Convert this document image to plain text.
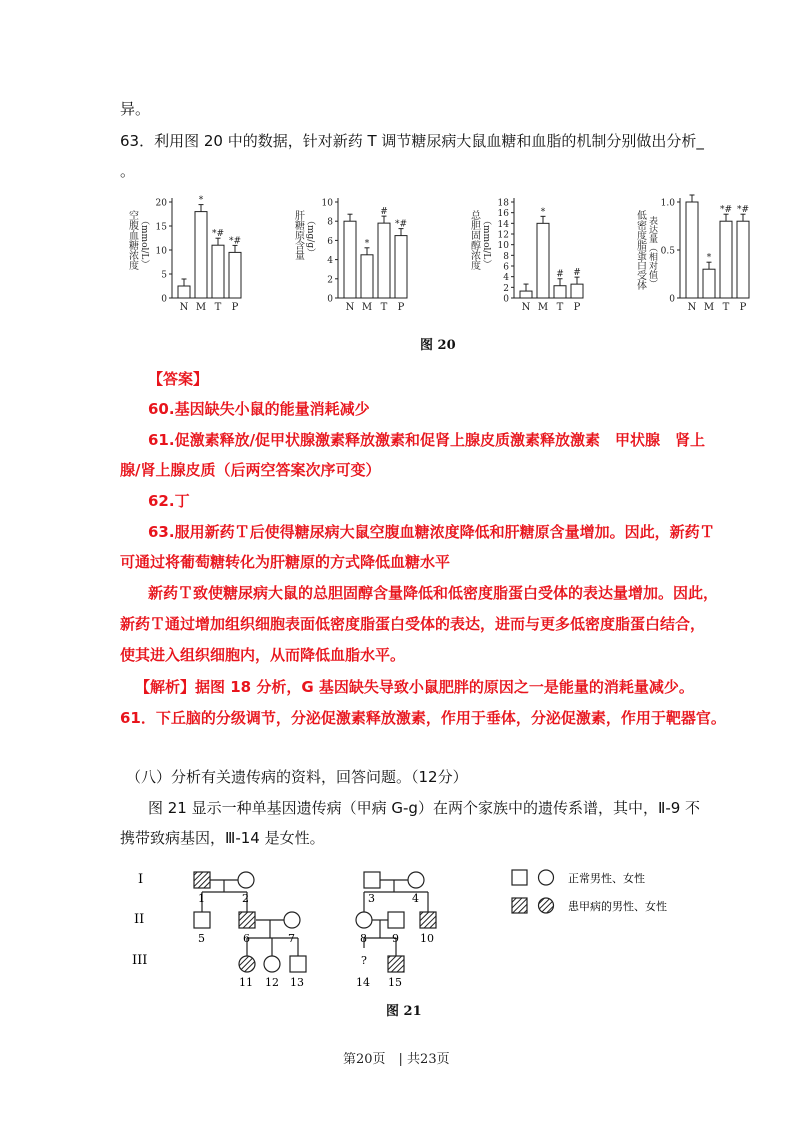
异。
63．利用图 20 中的数据，针对新药 T 调节糖尿病大鼠血糖和血脂的机制分别做出分析_
。
0
5
10
15
20
空腹血糖浓度 （mmol/L）
N
*
M
*#
T
*#
P
0
2
4
6
8
10
肝糖原含量 （mg/g）
N
*
M
#
T
*#
P
0
2
4
6
8
10
12
14
16
18
总胆固醇浓度 （mmol/L）
N
*
M
#
T
#
P
0
0.5
1.0
低密度脂蛋白受体 表达量（相对值）
N
*
M
*#
T
*#
P
图 20
【答案】
60.基因缺失小鼠的能量消耗减少
61.促激素释放/促甲状腺激素释放激素和促肾上腺皮质激素释放激素　甲状腺　肾上
腺/肾上腺皮质（后两空答案次序可变）
62.丁
63.服用新药Ｔ后使得糖尿病大鼠空腹血糖浓度降低和肝糖原含量增加。因此，新药Ｔ
可通过将葡萄糖转化为肝糖原的方式降低血糖水平
新药Ｔ致使糖尿病大鼠的总胆固醇含量降低和低密度脂蛋白受体的表达量增加。因此，
新药Ｔ通过增加组织细胞表面低密度脂蛋白受体的表达，进而与更多低密度脂蛋白结合，
使其进入组织细胞内，从而降低血脂水平。
【解析】据图 18 分析，G 基因缺失导致小鼠肥胖的原因之一是能量的消耗量减少。
61．下丘脑的分级调节，分泌促激素释放激素，作用于垂体，分泌促激素，作用于靶器官。
（八）分析有关遗传病的资料，回答问题。（12分）
图 21 显示一种单基因遗传病（甲病 G-g）在两个家族中的遗传系谱，其中，Ⅱ-9 不
携带致病基因，Ⅲ-14 是女性。
I
II
III	?
1	2	3	4
5	6	7	8 9 10
11 12 13	14 15
正常男性、女性
患甲病的男性、女性
图 21
第20页　| 共23页
